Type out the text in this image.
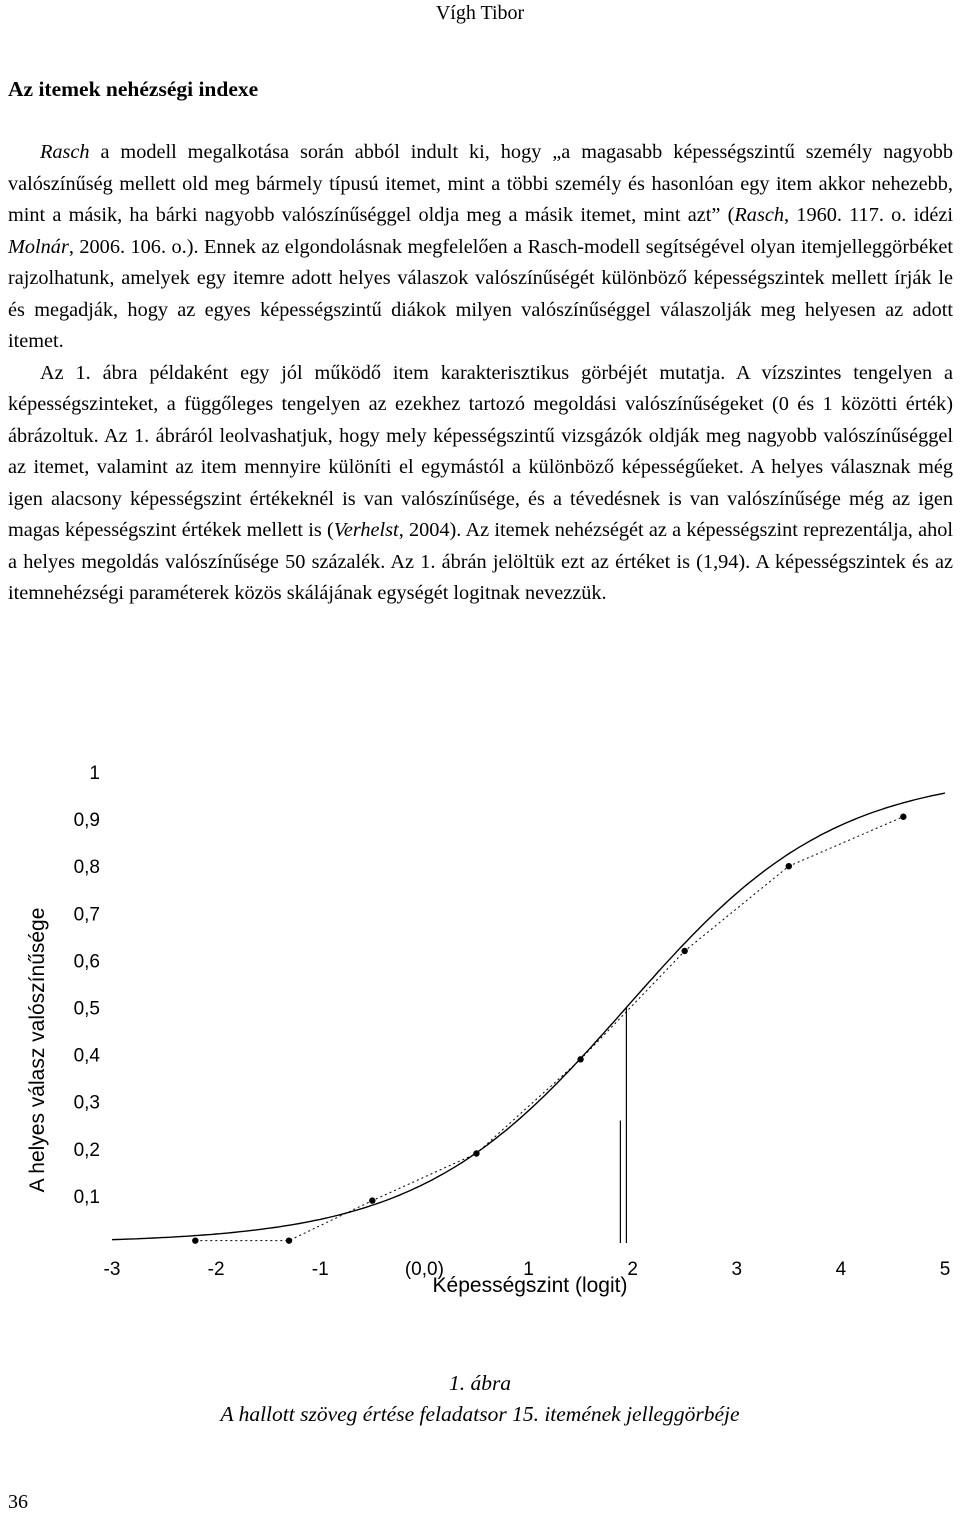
Vígh Tibor
Az itemek nehézségi indexe

Rasch a modell megalkotása során abból indult ki, hogy „a magasabb képességszintű személy nagyobb valószínűség mellett old meg bármely típusú itemet, mint a többi személy és hasonlóan egy item akkor nehezebb, mint a másik, ha bárki nagyobb valószínűséggel oldja meg a másik itemet, mint azt” (Rasch, 1960. 117. o. idézi Molnár, 2006. 106. o.). Ennek az elgondolásnak megfelelően a Rasch-modell segítségével olyan itemjelleggörbéket rajzolhatunk, amelyek egy itemre adott helyes válaszok valószínűségét különböző képességszintek mellett írják le és megadják, hogy az egyes képességszintű diákok milyen valószínűséggel válaszolják meg helyesen az adott itemet.

Az 1. ábra példaként egy jól működő item karakterisztikus görbéjét mutatja. A vízszintes tengelyen a képességszinteket, a függőleges tengelyen az ezekhez tartozó megoldási valószínűségeket (0 és 1 közötti érték) ábrázoltuk. Az 1. ábráról leolvashatjuk, hogy mely képességszintű vizsgázók oldják meg nagyobb valószínűséggel az itemet, valamint az item mennyire különíti el egymástól a különböző képességűeket. A helyes válasznak még igen alacsony képességszint értékeknél is van valószínűsége, és a tévedésnek is van valószínűsége még az igen magas képességszint értékek mellett is (Verhelst, 2004). Az itemek nehézségét az a képességszint reprezentálja, ahol a helyes megoldás valószínűsége 50 százalék. Az 1. ábrán jelöltük ezt az értéket is (1,94). A képességszintek és az itemnehézségi paraméterek közös skálájának egységét logitnak nevezzük.

A helyes válasz valószínűsége
0,1
0,2
0,3
0,4
0,5
0,6
0,7
0,8
0,9
1
-3	-2	-1	(0,0)	1	2	3	4	5
Képességszint (logit)
1. ábra
A hallott szöveg értése feladatsor 15. itemének jelleggörbéje
36
